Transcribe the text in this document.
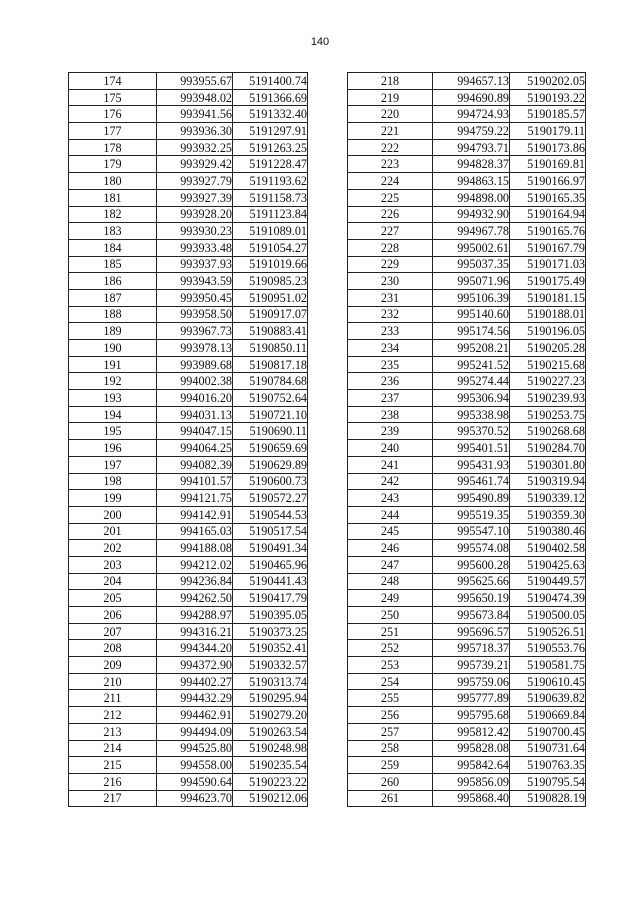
140
174	993955.67	5191400.74
175	993948.02	5191366.69
176	993941.56	5191332.40
177	993936.30	5191297.91
178	993932.25	5191263.25
179	993929.42	5191228.47
180	993927.79	5191193.62
181	993927.39	5191158.73
182	993928.20	5191123.84
183	993930.23	5191089.01
184	993933.48	5191054.27
185	993937.93	5191019.66
186	993943.59	5190985.23
187	993950.45	5190951.02
188	993958.50	5190917.07
189	993967.73	5190883.41
190	993978.13	5190850.11
191	993989.68	5190817.18
192	994002.38	5190784.68
193	994016.20	5190752.64
194	994031.13	5190721.10
195	994047.15	5190690.11
196	994064.25	5190659.69
197	994082.39	5190629.89
198	994101.57	5190600.73
199	994121.75	5190572.27
200	994142.91	5190544.53
201	994165.03	5190517.54
202	994188.08	5190491.34
203	994212.02	5190465.96
204	994236.84	5190441.43
205	994262.50	5190417.79
206	994288.97	5190395.05
207	994316.21	5190373.25
208	994344.20	5190352.41
209	994372.90	5190332.57
210	994402.27	5190313.74
211	994432.29	5190295.94
212	994462.91	5190279.20
213	994494.09	5190263.54
214	994525.80	5190248.98
215	994558.00	5190235.54
216	994590.64	5190223.22
217	994623.70	5190212.06
218	994657.13	5190202.05
219	994690.89	5190193.22
220	994724.93	5190185.57
221	994759.22	5190179.11
222	994793.71	5190173.86
223	994828.37	5190169.81
224	994863.15	5190166.97
225	994898.00	5190165.35
226	994932.90	5190164.94
227	994967.78	5190165.76
228	995002.61	5190167.79
229	995037.35	5190171.03
230	995071.96	5190175.49
231	995106.39	5190181.15
232	995140.60	5190188.01
233	995174.56	5190196.05
234	995208.21	5190205.28
235	995241.52	5190215.68
236	995274.44	5190227.23
237	995306.94	5190239.93
238	995338.98	5190253.75
239	995370.52	5190268.68
240	995401.51	5190284.70
241	995431.93	5190301.80
242	995461.74	5190319.94
243	995490.89	5190339.12
244	995519.35	5190359.30
245	995547.10	5190380.46
246	995574.08	5190402.58
247	995600.28	5190425.63
248	995625.66	5190449.57
249	995650.19	5190474.39
250	995673.84	5190500.05
251	995696.57	5190526.51
252	995718.37	5190553.76
253	995739.21	5190581.75
254	995759.06	5190610.45
255	995777.89	5190639.82
256	995795.68	5190669.84
257	995812.42	5190700.45
258	995828.08	5190731.64
259	995842.64	5190763.35
260	995856.09	5190795.54
261	995868.40	5190828.19
